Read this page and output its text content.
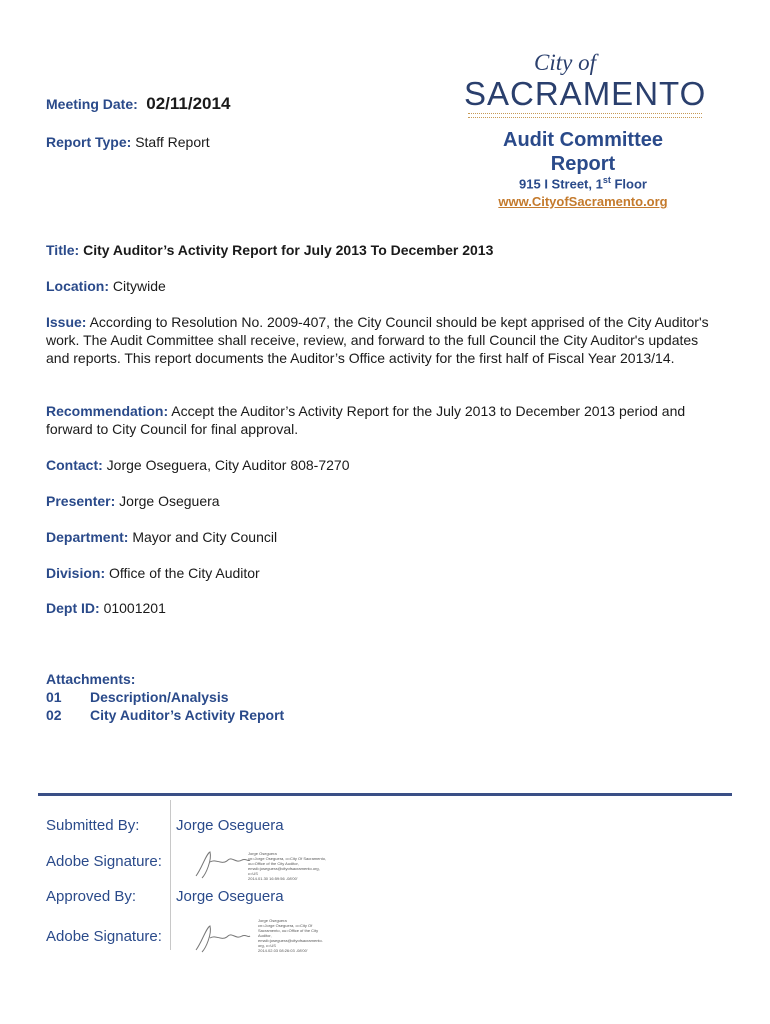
Meeting Date: 02/11/2014
Report Type: Staff Report
City of
SACRAMENTO
Audit Committee
Report
915 I Street, 1st Floor
www.CityofSacramento.org
Title: City Auditor’s Activity Report for July 2013 To December 2013
Location: Citywide
Issue: According to Resolution No. 2009-407, the City Council should be kept apprised of the City Auditor's work. The Audit Committee shall receive, review, and forward to the full Council the City Auditor's updates and reports. This report documents the Auditor’s Office activity for the first half of Fiscal Year 2013/14.
Recommendation: Accept the Auditor’s Activity Report for the July 2013 to December 2013 period and forward to City Council for final approval.
Contact: Jorge Oseguera, City Auditor 808-7270
Presenter: Jorge Oseguera
Department: Mayor and City Council
Division: Office of the City Auditor
Dept ID: 01001201
Attachments:
01 Description/Analysis
02 City Auditor’s Activity Report
Submitted By: Jorge Oseguera
Adobe Signature:	Jorge Oseguera
cn=Jorge Oseguera, o=City Of Sacramento,
ou=Office of the City Auditor,
email=joseguera@cityofsacramento.org,
c=US
2014.01.30 16:59:56 -08'00'
Approved By:	Jorge Oseguera
Adobe Signature:
Jorge Oseguera
cn=Jorge Oseguera, o=City Of
Sacramento, ou=Office of the City
Auditor,
email=joseguera@cityofsacramento.
org, c=US
2014.02.03 08:26:03 -08'00'
